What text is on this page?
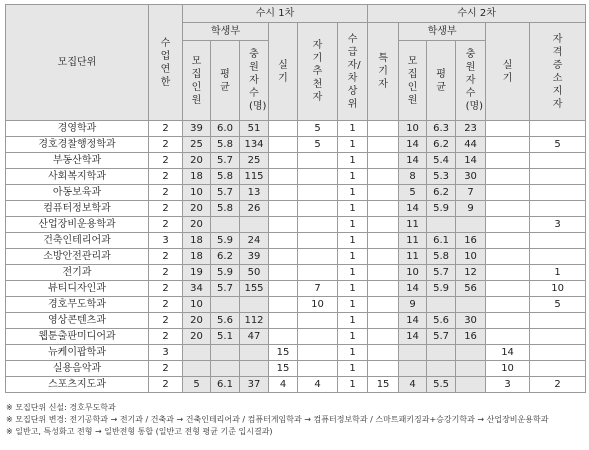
모집단위	수업연한	수시 1차						수시 2차					
		학생부			실기	자기추천자	수급자/차상위	특기자	학생부			실기	자격증소지자
		모집인원	평균	충원자수(명)					모집인원	평균	충원자수(명)		
경영학과	2	39	6.0	51		5	1		10	6.3	23		
경호경찰행정학과	2	25	5.8	134		5	1		14	6.2	44		5
부동산학과	2	20	5.7	25			1		14	5.4	14		
사회복지학과	2	18	5.8	115			1		8	5.3	30		
아동보육과	2	10	5.7	13			1		5	6.2	7		
컴퓨터정보학과	2	20	5.8	26			1		14	5.9	9		
산업장비운용학과	2	20					1		11				3
건축인테리어과	3	18	5.9	24			1		11	6.1	16		
소방안전관리과	2	18	6.2	39			1		11	5.8	10		
전기과	2	19	5.9	50			1		10	5.7	12		1
뷰티디자인과	2	34	5.7	155		7	1		14	5.9	56		10
경호무도학과	2	10				10	1		9				5
영상콘텐츠과	2	20	5.6	112			1		14	5.6	30		
웹툰출판미디어과	2	20	5.1	47			1		14	5.7	16		
뉴케이팝학과	3				15		1					14	
실용음악과	2				15		1					10	
스포츠지도과	2	5	6.1	37	4	4	1	15	4	5.5		3	2
※ 모집단위 신설: 경호무도학과
※ 모집단위 변경: 전기공학과 → 전기과 / 건축과 → 건축인테리어과 / 컴퓨터게임학과 → 컴퓨터정보학과 / 스마트패키징과+승강기학과 → 산업장비운용학과
※ 일반고, 특성화고 전형 → 일반전형 통합 (일반고 전형 평균 기준 입시결과)
